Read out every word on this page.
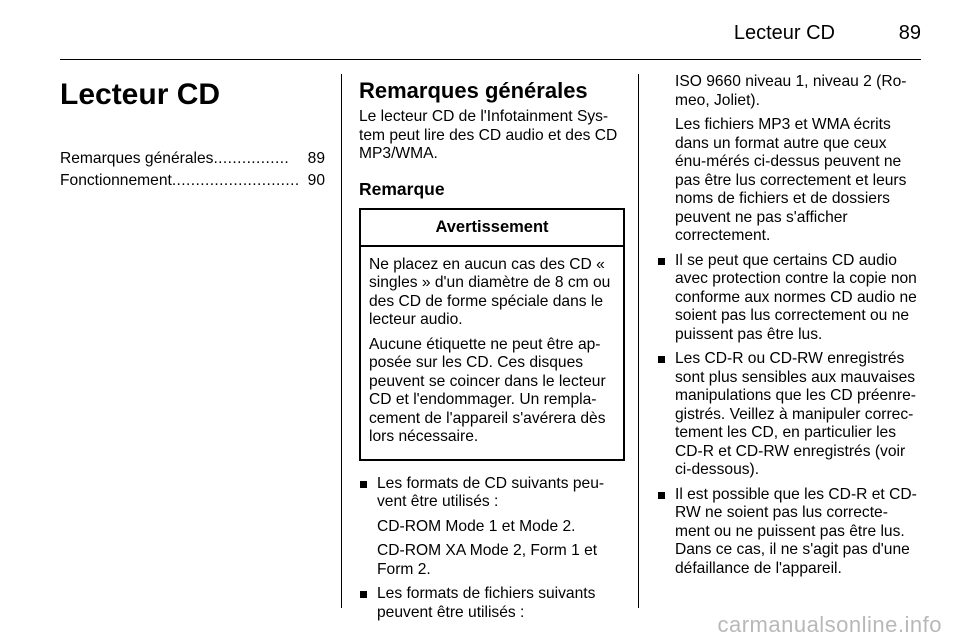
Lecteur CD	89
Lecteur CD
Remarques générales ................	89
Fonctionnement ........................... 90
Remarques générales

Le lecteur CD de l'Infotainment Sys-tem peut lire des CD audio et des CD MP3/WMA.

Remarque
Avertissement

Ne placez en aucun cas des CD « singles » d'un diamètre de 8 cm ou des CD de forme spéciale dans le lecteur audio.

Aucune étiquette ne peut être ap-posée sur les CD. Ces disques peuvent se coincer dans le lecteur CD et l'endommager. Un rempla-cement de l'appareil s'avérera dès lors nécessaire.

Les formats de CD suivants peu-vent être utilisés :
CD-ROM Mode 1 et Mode 2.
CD-ROM XA Mode 2, Form 1 et Form 2.
Les formats de fichiers suivants peuvent être utilisés :
ISO 9660 niveau 1, niveau 2 (Ro-meo, Joliet).
Les fichiers MP3 et WMA écrits dans un format autre que ceux énu-mérés ci-dessus peuvent ne pas être lus correctement et leurs noms de fichiers et de dossiers peuvent ne pas s'afficher correctement.
Il se peut que certains CD audio avec protection contre la copie non conforme aux normes CD audio ne soient pas lus correctement ou ne puissent pas être lus.
Les CD-R ou CD-RW enregistrés sont plus sensibles aux mauvaises manipulations que les CD préenre-gistrés. Veillez à manipuler correc-tement les CD, en particulier les CD-R et CD-RW enregistrés (voir ci-dessous).
Il est possible que les CD-R et CD-RW ne soient pas lus correcte-ment ou ne puissent pas être lus. Dans ce cas, il ne s'agit pas d'une défaillance de l'appareil.
carmanualsonline.info
